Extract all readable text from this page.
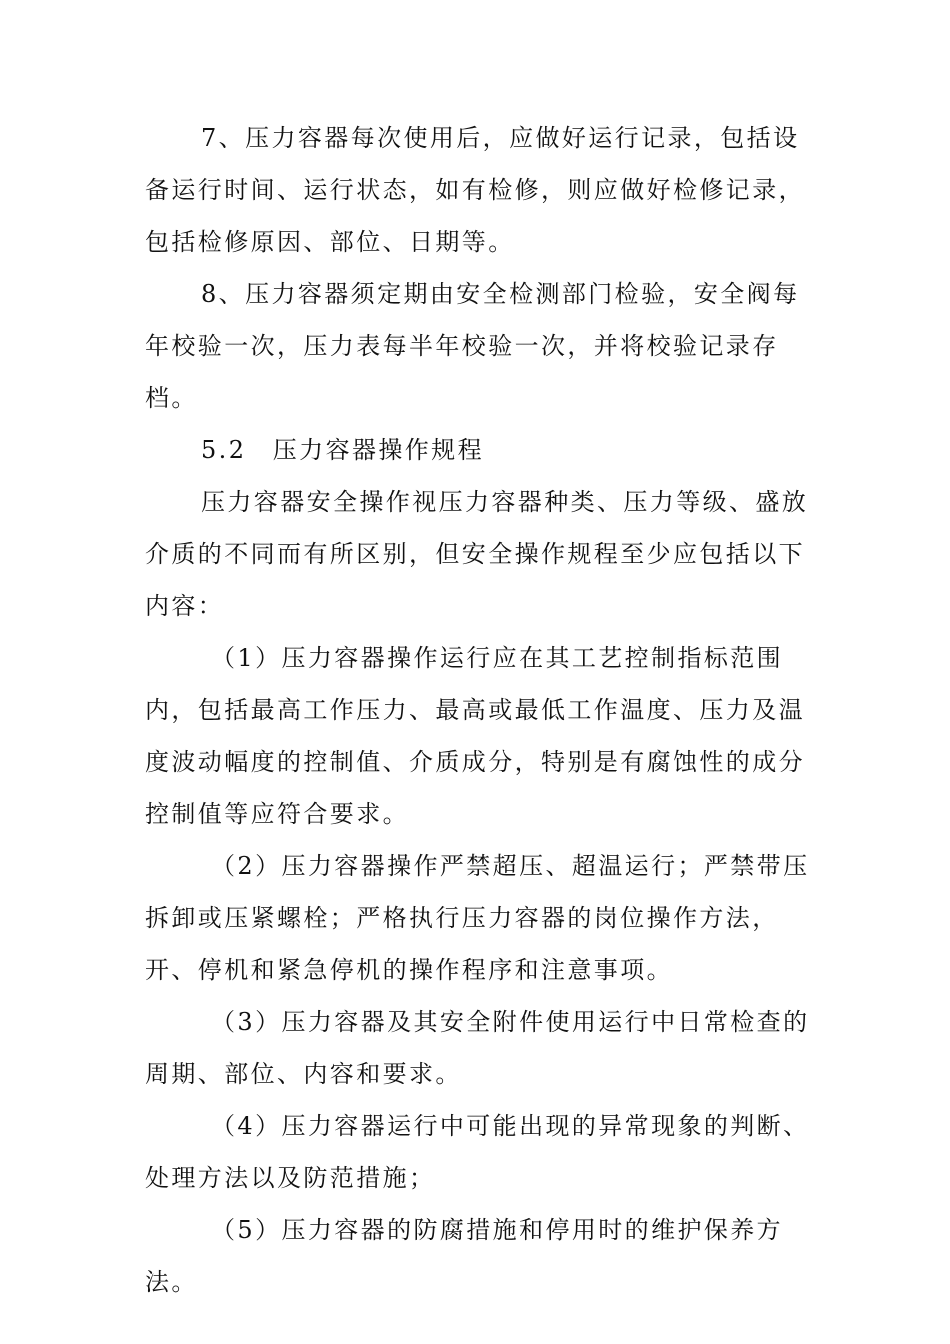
7、压力容器每次使用后，应做好运行记录，包括设备运行时间、运行状态，如有检修，则应做好检修记录，包括检修原因、部位、日期等。

8、压力容器须定期由安全检测部门检验，安全阀每年校验一次，压力表每半年校验一次，并将校验记录存档。

5.2　压力容器操作规程

压力容器安全操作视压力容器种类、压力等级、盛放介质的不同而有所区别，但安全操作规程至少应包括以下内容：

（1）压力容器操作运行应在其工艺控制指标范围内，包括最高工作压力、最高或最低工作温度、压力及温度波动幅度的控制值、介质成分，特别是有腐蚀性的成分控制值等应符合要求。

（2）压力容器操作严禁超压、超温运行；严禁带压拆卸或压紧螺栓；严格执行压力容器的岗位操作方法，开、停机和紧急停机的操作程序和注意事项。

（3）压力容器及其安全附件使用运行中日常检查的周期、部位、内容和要求。

（4）压力容器运行中可能出现的异常现象的判断、处理方法以及防范措施；

（5）压力容器的防腐措施和停用时的维护保养方法。
